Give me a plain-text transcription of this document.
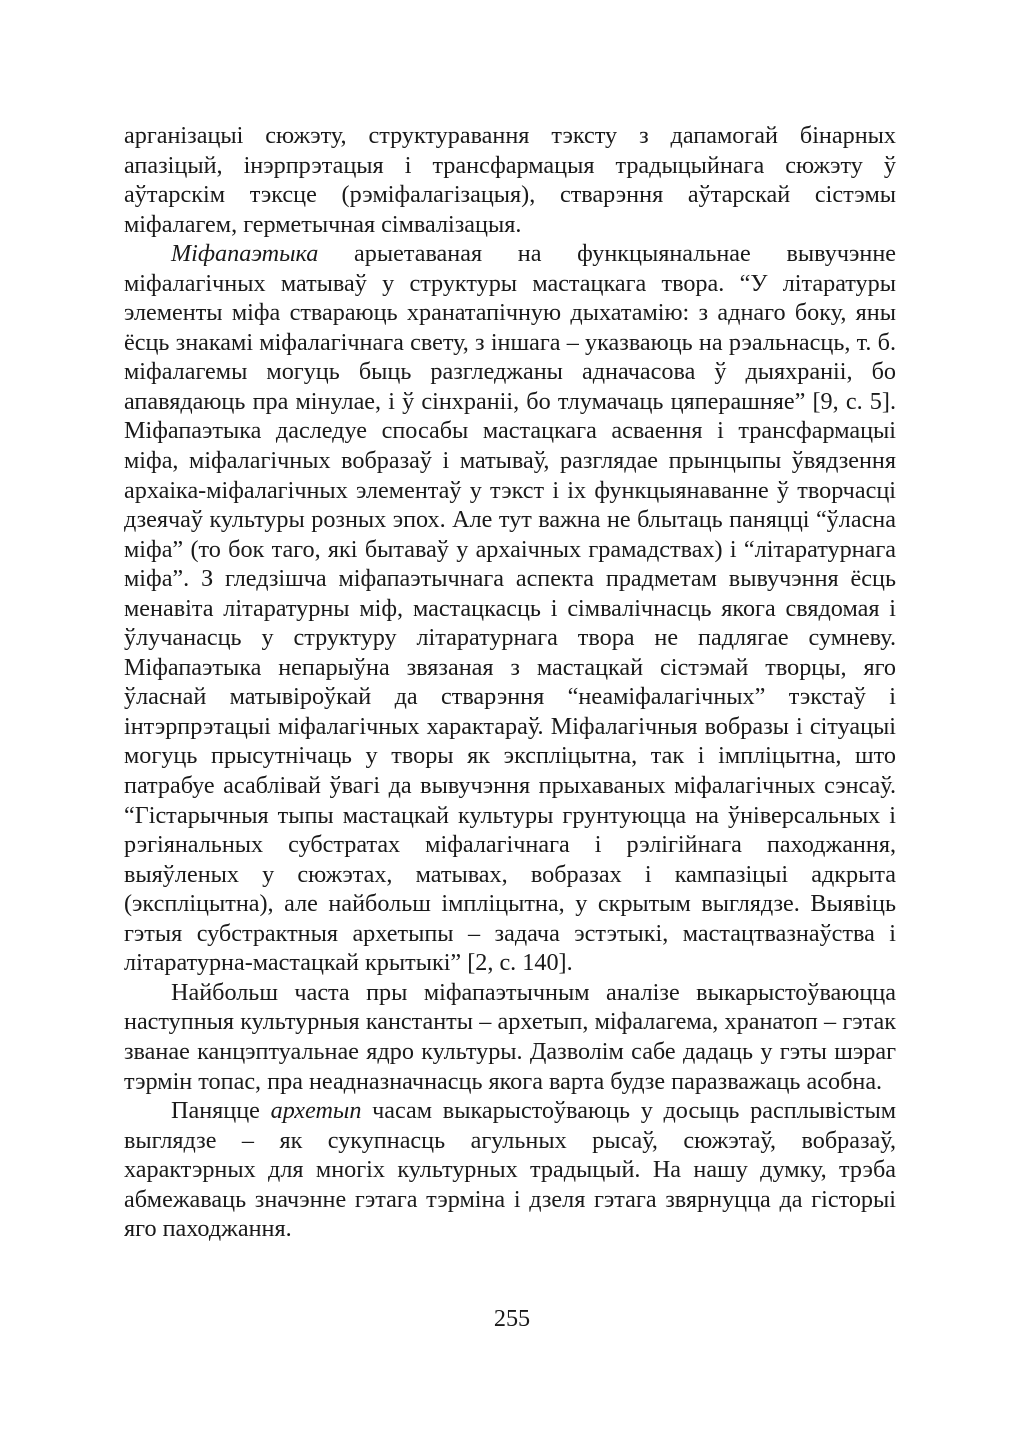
арганізацыі сюжэту, структуравання тэксту з дапамогай бінарных апазіцый, інэрпрэтацыя і трансфармацыя традыцыйнага сюжэту ў аўтарскім тэксце (рэміфалагізацыя), стварэння аўтарскай сістэмы міфалагем, герметычная сімвалізацыя.

Міфапаэтыка арыетаваная на функцыянальнае вывучэнне міфалагічных матываў у структуры мастацкага твора. “У літаратуры элементы міфа ствараюць хранатапічную дыхатамію: з аднаго боку, яны ёсць знакамі міфалагічнага свету, з іншага – указваюць на рэальнасць, т. б. міфалагемы могуць быць разгледжаны адначасова ў дыяхраніі, бо апавядаюць пра мінулае, і ў сінхраніі, бо тлумачаць цяперашняе” [9, с. 5]. Міфапаэтыка даследуе спосабы мастацкага асваення і трансфармацыі міфа, міфалагічных вобразаў і матываў, разглядае прынцыпы ўвядзення архаіка-міфалагічных элементаў у тэкст і іх функцыянаванне ў творчасці дзеячаў культуры розных эпох. Але тут важна не блытаць паняцці “ўласна міфа” (то бок таго, які бытаваў у архаічных грамадствах) і “літаратурнага міфа”. З гледзішча міфапаэтычнага аспекта прадметам вывучэння ёсць менавіта літаратурны міф, мастацкасць і сімвалічнасць якога свядомая і ўлучанасць у структуру літаратурнага твора не падлягае сумневу. Міфапаэтыка непарыўна звязаная з мастацкай сістэмай творцы, яго ўласнай матывіроўкай да стварэння “неаміфалагічных” тэкстаў і інтэрпрэтацыі міфалагічных характараў. Міфалагічныя вобразы і сітуацыі могуць прысутнічаць у творы як эксплiцытна, так і імпліцытна, што патрабуе асаблівай ўвагі да вывучэння прыхаваных міфалагічных сэнсаў. “Гістарычныя тыпы мастацкай культуры грунтуюцца на ўніверсальных і рэгіянальных субстратах міфалагічнага і рэлігійнага паходжання, выяўленых у сюжэтах, матывах, вобразах і кампазіцыі адкрыта (эксплiцытна), але найбольш імпліцытна, у скрытым выглядзе. Выявіць гэтыя субстрактныя архетыпы – задача эстэтыкі, мастацтвазнаўства і літаратурна-мастацкай крытыкі” [2, с. 140].

Найбольш часта пры міфапаэтычным аналізе выкарыстоўваюцца наступныя культурныя канстанты – архетып, міфалагема, хранатоп – гэтак званае канцэптуальнае ядро культуры. Дазволім сабе дадаць у гэты шэраг тэрмін топас, пра неадназначнасць якога варта будзе паразважаць асобна.

Паняцце архетып часам выкарыстоўваюць у досыць расплывістым выглядзе – як сукупнасць агульных рысаў, сюжэтаў, вобразаў, характэрных для многіх культурных традыцый. На нашу думку, трэба абмежаваць значэнне гэтага тэрміна і дзеля гэтага звярнуцца да гісторыі яго паходжання.

255
